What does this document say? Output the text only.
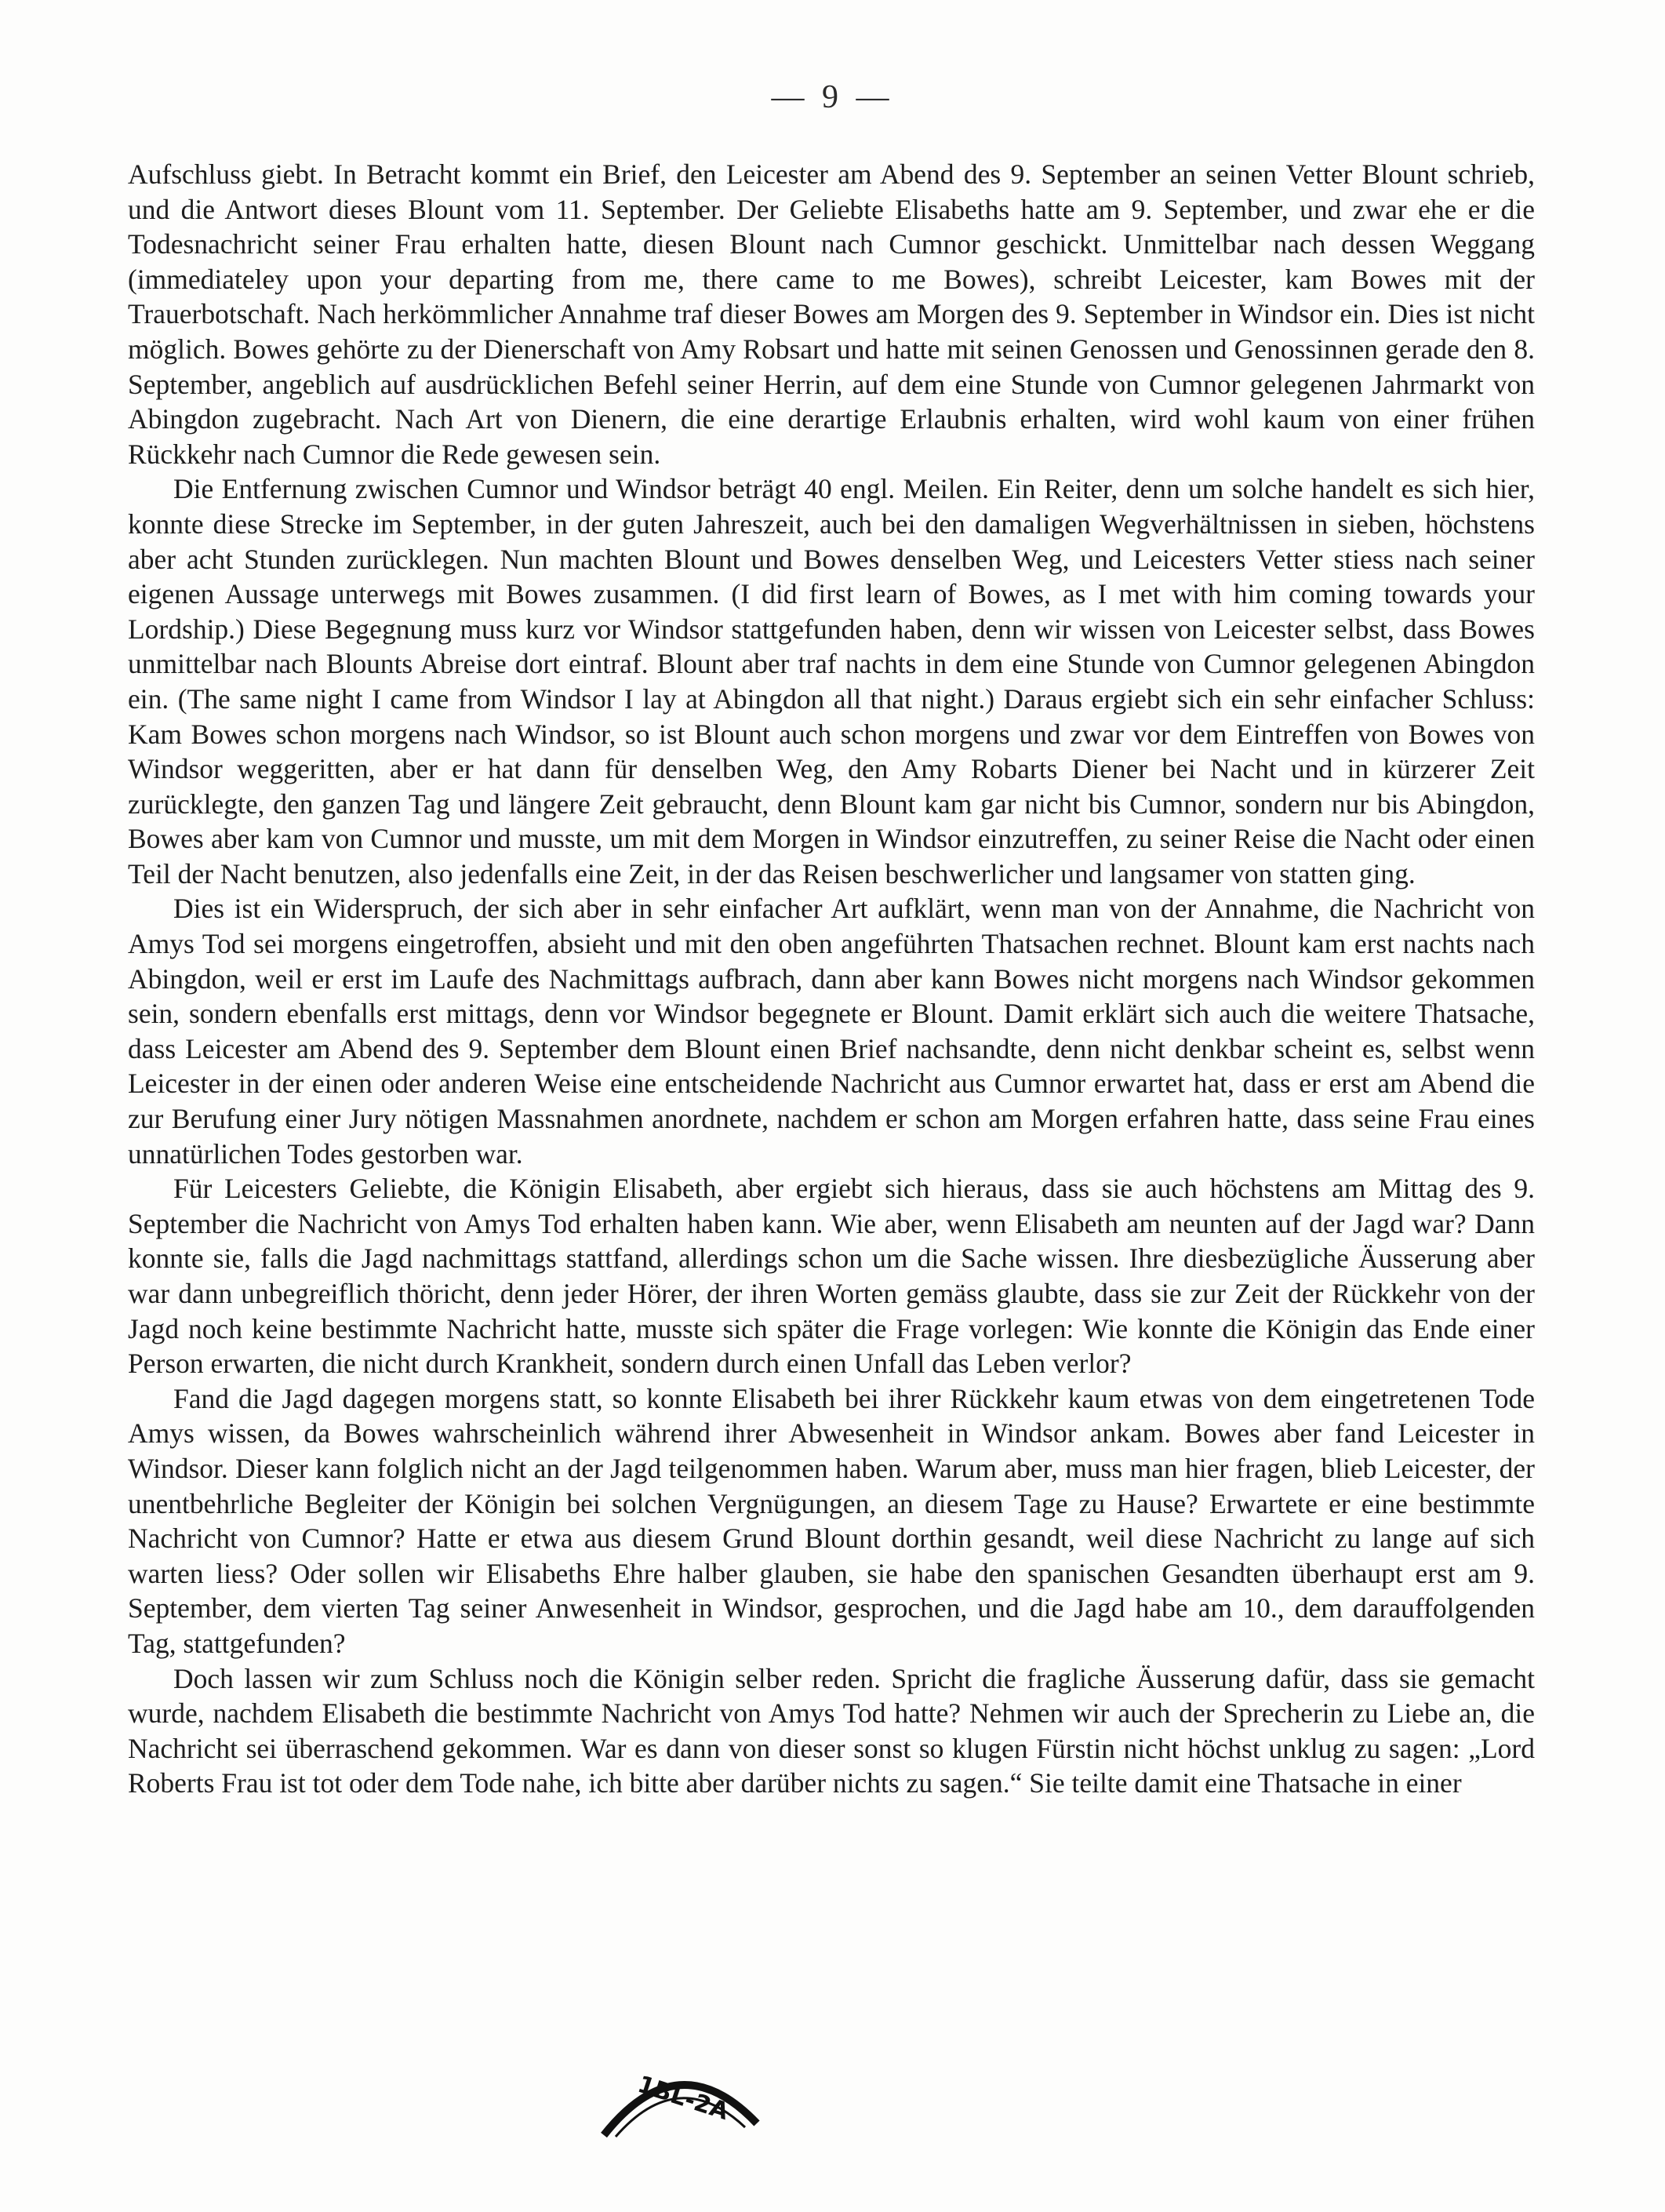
— 9 —

Aufschluss giebt. In Betracht kommt ein Brief, den Leicester am Abend des 9. September an seinen Vetter Blount schrieb, und die Antwort dieses Blount vom 11. September. Der Geliebte Elisabeths hatte am 9. September, und zwar ehe er die Todesnachricht seiner Frau erhalten hatte, diesen Blount nach Cumnor geschickt. Unmittelbar nach dessen Weggang (immediateley upon your departing from me, there came to me Bowes), schreibt Leicester, kam Bowes mit der Trauerbotschaft. Nach herkömmlicher Annahme traf dieser Bowes am Morgen des 9. September in Windsor ein. Dies ist nicht möglich. Bowes gehörte zu der Dienerschaft von Amy Robsart und hatte mit seinen Genossen und Genossinnen gerade den 8. September, angeblich auf ausdrücklichen Befehl seiner Herrin, auf dem eine Stunde von Cumnor gelegenen Jahrmarkt von Abingdon zugebracht. Nach Art von Dienern, die eine derartige Erlaubnis erhalten, wird wohl kaum von einer frühen Rückkehr nach Cumnor die Rede gewesen sein.

Die Entfernung zwischen Cumnor und Windsor beträgt 40 engl. Meilen. Ein Reiter, denn um solche handelt es sich hier, konnte diese Strecke im September, in der guten Jahreszeit, auch bei den damaligen Wegverhältnissen in sieben, höchstens aber acht Stunden zurücklegen. Nun machten Blount und Bowes denselben Weg, und Leicesters Vetter stiess nach seiner eigenen Aussage unterwegs mit Bowes zusammen. (I did first learn of Bowes, as I met with him coming towards your Lordship.) Diese Begegnung muss kurz vor Windsor stattgefunden haben, denn wir wissen von Leicester selbst, dass Bowes unmittelbar nach Blounts Abreise dort eintraf. Blount aber traf nachts in dem eine Stunde von Cumnor gelegenen Abingdon ein. (The same night I came from Windsor I lay at Abingdon all that night.) Daraus ergiebt sich ein sehr einfacher Schluss: Kam Bowes schon morgens nach Windsor, so ist Blount auch schon morgens und zwar vor dem Eintreffen von Bowes von Windsor weggeritten, aber er hat dann für denselben Weg, den Amy Robarts Diener bei Nacht und in kürzerer Zeit zurücklegte, den ganzen Tag und längere Zeit gebraucht, denn Blount kam gar nicht bis Cumnor, sondern nur bis Abingdon, Bowes aber kam von Cumnor und musste, um mit dem Morgen in Windsor einzutreffen, zu seiner Reise die Nacht oder einen Teil der Nacht benutzen, also jedenfalls eine Zeit, in der das Reisen beschwerlicher und langsamer von statten ging.

Dies ist ein Widerspruch, der sich aber in sehr einfacher Art aufklärt, wenn man von der Annahme, die Nachricht von Amys Tod sei morgens eingetroffen, absieht und mit den oben angeführten Thatsachen rechnet. Blount kam erst nachts nach Abingdon, weil er erst im Laufe des Nachmittags aufbrach, dann aber kann Bowes nicht morgens nach Windsor gekommen sein, sondern ebenfalls erst mittags, denn vor Windsor begegnete er Blount. Damit erklärt sich auch die weitere Thatsache, dass Leicester am Abend des 9. September dem Blount einen Brief nachsandte, denn nicht denkbar scheint es, selbst wenn Leicester in der einen oder anderen Weise eine entscheidende Nachricht aus Cumnor erwartet hat, dass er erst am Abend die zur Berufung einer Jury nötigen Massnahmen anordnete, nachdem er schon am Morgen erfahren hatte, dass seine Frau eines unnatürlichen Todes gestorben war.

Für Leicesters Geliebte, die Königin Elisabeth, aber ergiebt sich hieraus, dass sie auch höchstens am Mittag des 9. September die Nachricht von Amys Tod erhalten haben kann. Wie aber, wenn Elisabeth am neunten auf der Jagd war? Dann konnte sie, falls die Jagd nachmittags stattfand, allerdings schon um die Sache wissen. Ihre diesbezügliche Äusserung aber war dann unbegreiflich thöricht, denn jeder Hörer, der ihren Worten gemäss glaubte, dass sie zur Zeit der Rückkehr von der Jagd noch keine bestimmte Nachricht hatte, musste sich später die Frage vorlegen: Wie konnte die Königin das Ende einer Person erwarten, die nicht durch Krankheit, sondern durch einen Unfall das Leben verlor?

Fand die Jagd dagegen morgens statt, so konnte Elisabeth bei ihrer Rückkehr kaum etwas von dem eingetretenen Tode Amys wissen, da Bowes wahrscheinlich während ihrer Abwesenheit in Windsor ankam. Bowes aber fand Leicester in Windsor. Dieser kann folglich nicht an der Jagd teilgenommen haben. Warum aber, muss man hier fragen, blieb Leicester, der unentbehrliche Begleiter der Königin bei solchen Vergnügungen, an diesem Tage zu Hause? Erwartete er eine bestimmte Nachricht von Cumnor? Hatte er etwa aus diesem Grund Blount dorthin gesandt, weil diese Nachricht zu lange auf sich warten liess? Oder sollen wir Elisabeths Ehre halber glauben, sie habe den spanischen Gesandten überhaupt erst am 9. September, dem vierten Tag seiner Anwesenheit in Windsor, gesprochen, und die Jagd habe am 10., dem darauffolgenden Tag, stattgefunden?

Doch lassen wir zum Schluss noch die Königin selber reden. Spricht die fragliche Äusserung dafür, dass sie gemacht wurde, nachdem Elisabeth die bestimmte Nachricht von Amys Tod hatte? Nehmen wir auch der Sprecherin zu Liebe an, die Nachricht sei überraschend gekommen. War es dann von dieser sonst so klugen Fürstin nicht höchst unklug zu sagen: „Lord Roberts Frau ist tot oder dem Tode nahe, ich bitte aber darüber nichts zu sagen.“ Sie teilte damit eine Thatsache in einer

1BL-2A
